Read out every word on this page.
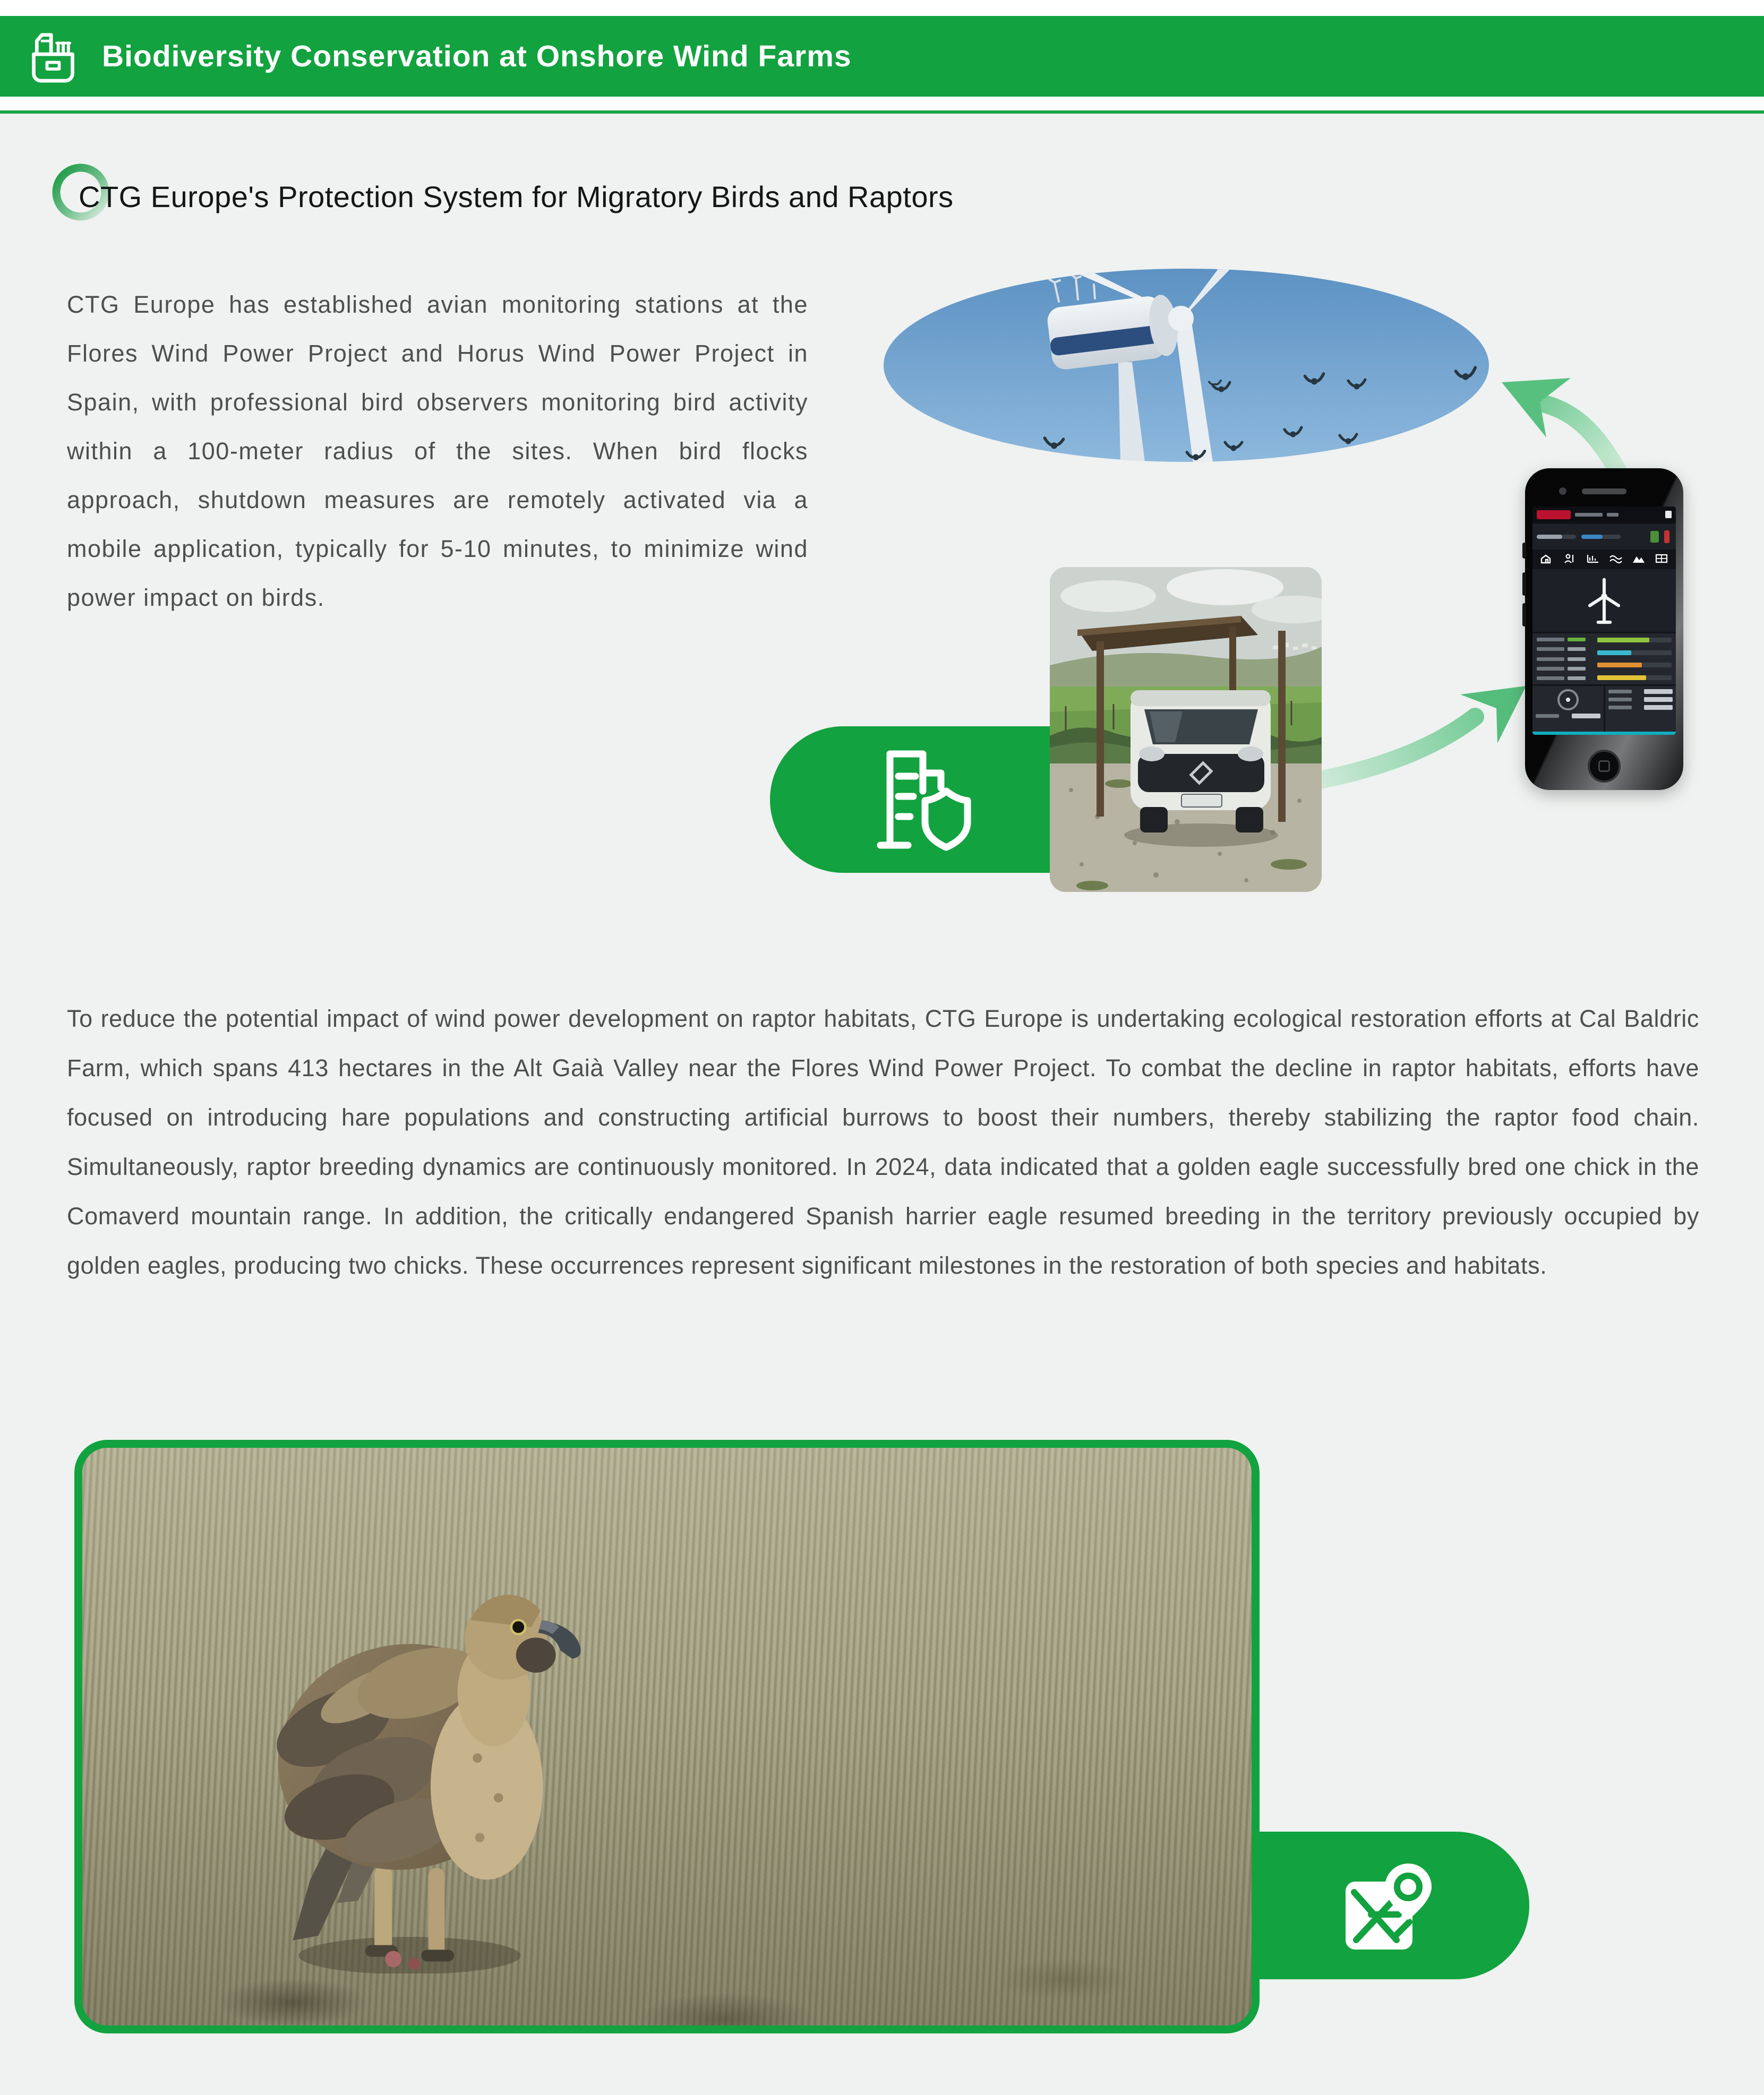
Biodiversity Conservation at Onshore Wind Farms
CTG Europe's Protection System for Migratory Birds and Raptors
CTG Europe has established avian monitoring stations at the Flores Wind Power Project and Horus Wind Power Project in Spain, with professional bird observers monitoring bird activity within a 100-meter radius of the sites. When bird flocks approach, shutdown measures are remotely activated via a mobile application, typically for 5-10 minutes, to minimize wind power impact on birds.
To reduce the potential impact of wind power development on raptor habitats, CTG Europe is undertaking ecological restoration efforts at Cal Baldric Farm, which spans 413 hectares in the Alt Gaià Valley near the Flores Wind Power Project. To combat the decline in raptor habitats, efforts have focused on introducing hare populations and constructing artificial burrows to boost their numbers, thereby stabilizing the raptor food chain. Simultaneously, raptor breeding dynamics are continuously monitored. In 2024, data indicated that a golden eagle successfully bred one chick in the Comaverd mountain range. In addition, the critically endangered Spanish harrier eagle resumed breeding in the territory previously occupied by golden eagles, producing two chicks. These occurrences represent significant milestones in the restoration of both species and habitats.
